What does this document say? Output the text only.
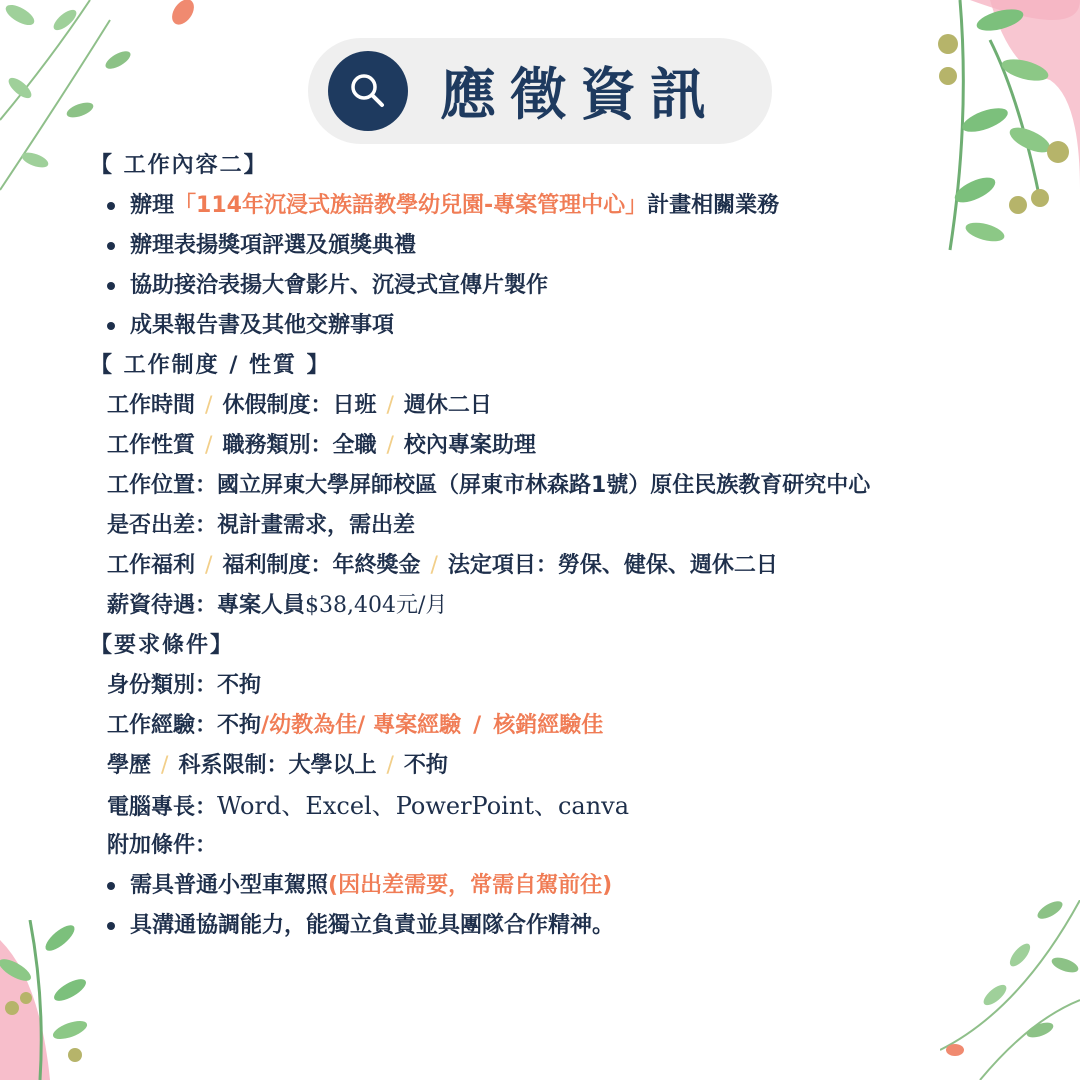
應徵資訊
【 工作內容二】
辦理「114年沉浸式族語教學幼兒園-專案管理中心」計畫相關業務
辦理表揚獎項評選及頒獎典禮
協助接洽表揚大會影片、沉浸式宣傳片製作
成果報告書及其他交辦事項
【 工作制度 / 性質 】
工作時間 / 休假制度：日班 / 週休二日
工作性質 / 職務類別：全職 / 校內專案助理
工作位置：國立屏東大學屏師校區（屏東市林森路1號）原住民族教育研究中心
是否出差：視計畫需求，需出差
工作福利 / 福利制度：年終獎金 / 法定項目：勞保、健保、週休二日
薪資待遇：專案人員$38,404元/月
【要求條件】
身份類別：不拘
工作經驗：不拘/幼教為佳/ 專案經驗 / 核銷經驗佳
學歷 / 科系限制：大學以上 / 不拘
電腦專長：Word、Excel、PowerPoint、canva
附加條件：
需具普通小型車駕照(因出差需要，常需自駕前往)
具溝通協調能力，能獨立負責並具團隊合作精神。
